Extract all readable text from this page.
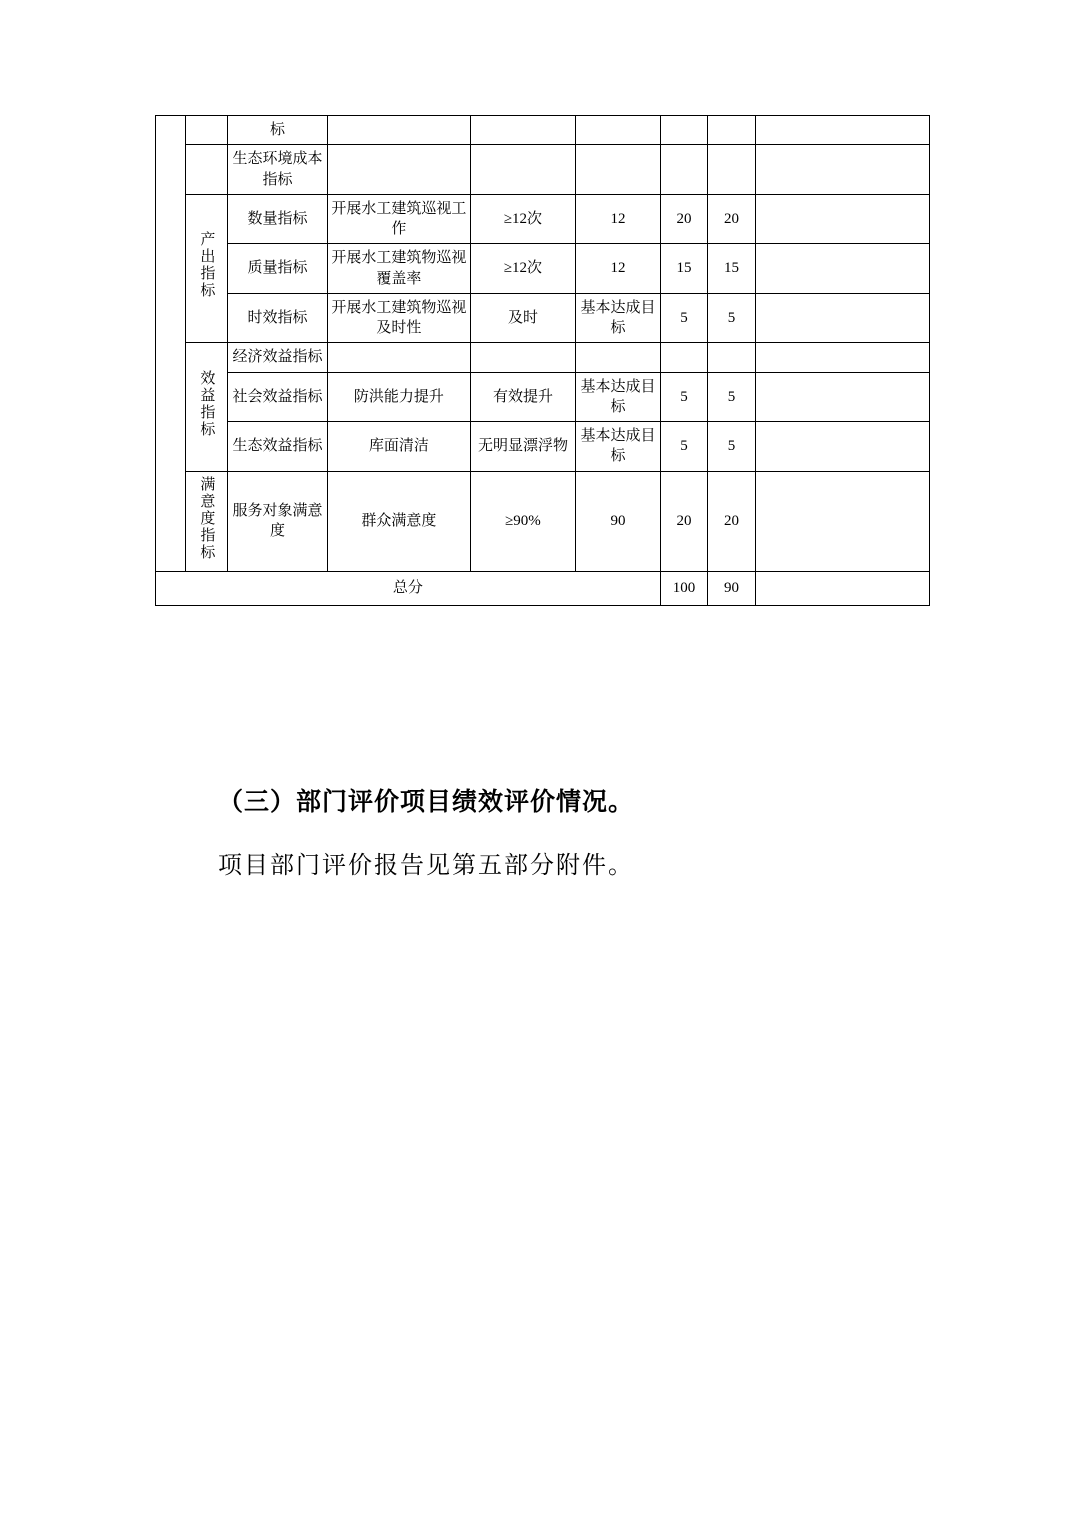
		标						
		生态环境成本指标						
	产出指标	数量指标	开展水工建筑巡视工作	≥12次	12	20	20	
		质量指标	开展水工建筑物巡视覆盖率	≥12次	12	15	15	
		时效指标	开展水工建筑物巡视及时性	及时	基本达成目标	5	5	
	效益指标	经济效益指标						
		社会效益指标	防洪能力提升	有效提升	基本达成目标	5	5	
		生态效益指标	库面清洁	无明显漂浮物	基本达成目标	5	5	
	满意度指标	服务对象满意度	群众满意度	≥90%	90	20	20	
总分						100	90	
（三）部门评价项目绩效评价情况。
项目部门评价报告见第五部分附件。
